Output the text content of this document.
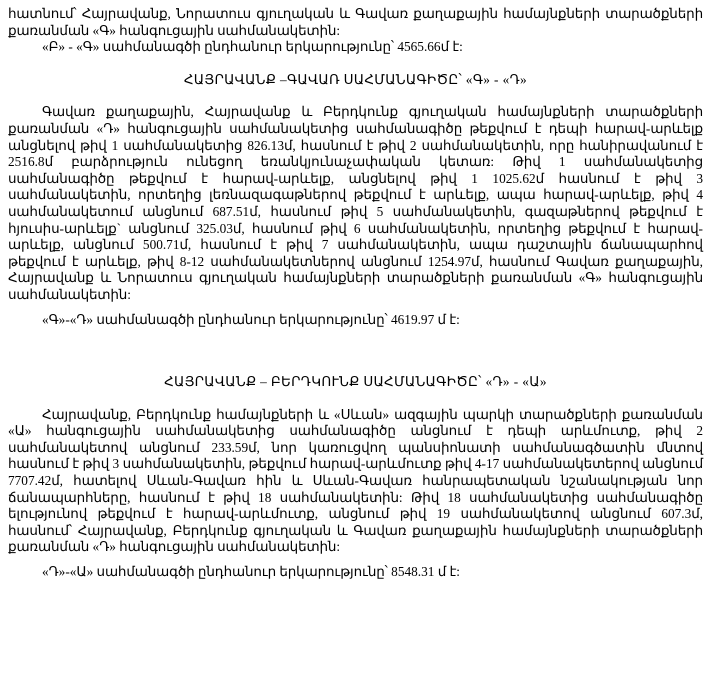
հատնում՝ Հայրավանք, Նորատուս գյուղական և Գավառ քաղաքային համայնքների տարածքների քառանման «Գ» հանգուցային սահմանակետին:

«Բ» - «Գ» սահմանագծի ընդհանուր երկարությունը՝ 4565.66մ է:

ՀԱՅՐԱՎԱՆՔ –ԳԱՎԱՌ ՍԱՀՄԱՆԱԳԻԾԸ՝ «Գ» - «Դ»

Գավառ քաղաքային, Հայրավանք և Բերդկունք գյուղական համայնքների տարածքների քառանման «Դ» հանգուցային սահմանակետից սահմանագիծը թեքվում է դեպի հարավ-արևելք անցնելով թիվ 1 սահմանակետից 826.13մ, հասնում է թիվ 2 սահմանակետին, որը հանիրավանում է 2516.8մ բարձրություն ունեցող եռանկյունաչափական կետառ: Թիվ 1 սահմանակետից սահմանագիծը թեքվում է հարավ-արևելք, անցնելով թիվ 1 1025.62մ հասնում է թիվ 3 սահմանակետին, որտեղից լեռնազագաթներով թեքվում է արևելք, ապա հարավ-արևելք, թիվ 4 սահմանակետում անցնում 687.51մ, հասնում թիվ 5 սահմանակետին, գազաթներով թեքվում է հյուսիս-արևելք` անցնում 325.03մ, հասնում թիվ 6 սահմանակետին, որտեղից թեքվում է հարավ-արևելք, անցնում 500.71մ, հասնում է թիվ 7 սահմանակետին, ապա դաշտային ճանապարհով թեքվում է արևելք, թիվ 8-12 սահմանակետներով անցնում 1254.97մ, հասնում Գավառ քաղաքային, Հայրավանք և Նորատուս գյուղական համայնքների տարածքների քառանման «Գ» հանգուցային սահմանակետին:

«Գ»-«Դ» սահմանագծի ընդհանուր երկարությունը՝ 4619.97 մ է:

ՀԱՅՐԱՎԱՆՔ – ԲԵՐԴԿՈՒՆՔ ՍԱՀՄԱՆԱԳԻԾԸ՝ «Դ» - «Ա»

Հայրավանք, Բերդկունք համայնքների և «Սևան» ազգային պարկի տարածքների քառանման «Ա» հանգուցային սահմանակետից սահմանագիծը անցնում է դեպի արևմուտք, թիվ 2 սահմանակետով անցնում 233.59մ, նոր կառուցվող պանսիոնատի սահմանագծատին մնտով հասնում է թիվ 3 սահմանակետին, թեքվում հարավ-արևմուտք թիվ 4-17 սահմանակետերով անցնում 7707.42մ, հատելով Սևան-Գավառ հին և Սևան-Գավառ հանրապետական նշանակության նոր ճանապարհները, հասնում է թիվ 18 սահմանակետին: Թիվ 18 սահմանակետից սահմանագիծը ելությունով թեքվում է հարավ-արևմուտք, անցնում թիվ 19 սահմանակետով անցնում 607.3մ, հասնում՝ Հայրավանք, Բերդկունք գյուղական և Գավառ քաղաքային համայնքների տարածքների քառանման «Դ» հանգուցային սահմանակետին:

«Դ»-«Ա» սահմանագծի ընդհանուր երկարությունը՝ 8548.31 մ է:
